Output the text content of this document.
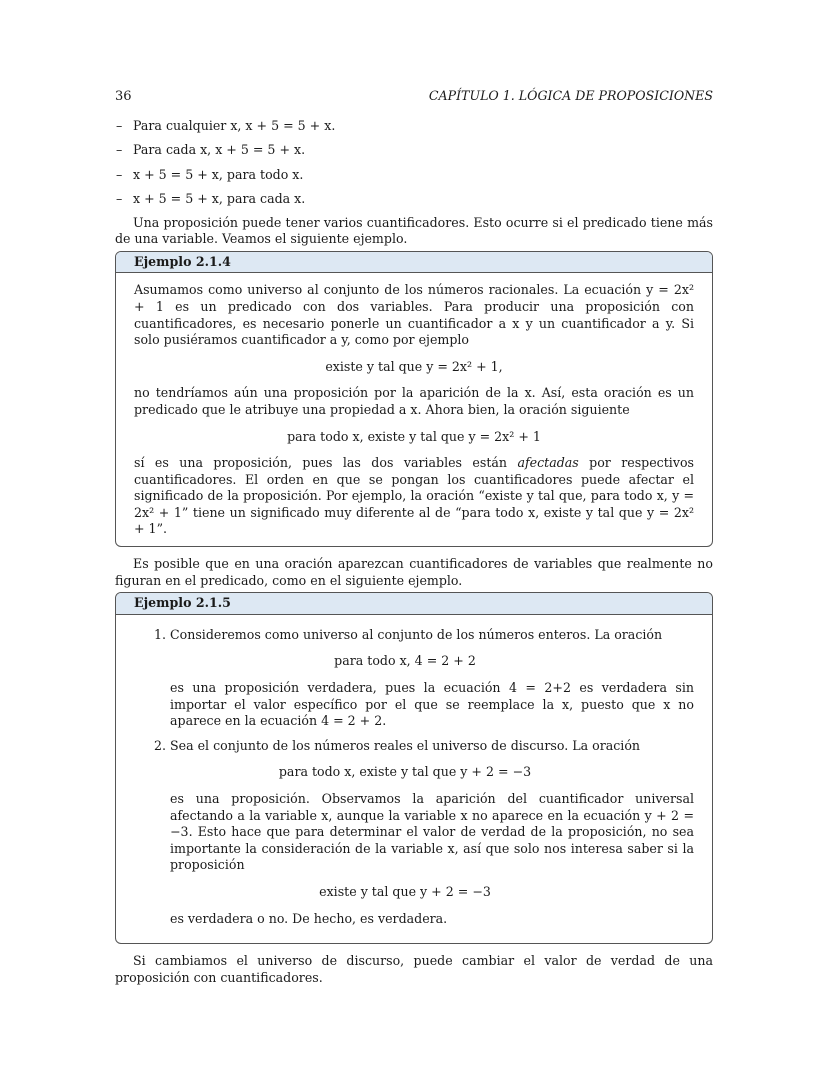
36	CAPÍTULO 1. LÓGICA DE PROPOSICIONES
– Para cualquier x, x + 5 = 5 + x.
– Para cada x, x + 5 = 5 + x.
– x + 5 = 5 + x, para todo x.
– x + 5 = 5 + x, para cada x.

Una proposición puede tener varios cuantificadores. Esto ocurre si el predicado tiene más de una variable. Veamos el siguiente ejemplo.

Ejemplo 2.1.4

Asumamos como universo al conjunto de los números racionales. La ecuación y = 2x² + 1 es un predicado con dos variables. Para producir una proposición con cuantificadores, es necesario ponerle un cuantificador a x y un cuantificador a y. Si solo pusiéramos cuantificador a y, como por ejemplo

existe y tal que y = 2x² + 1,

no tendríamos aún una proposición por la aparición de la x. Así, esta oración es un predicado que le atribuye una propiedad a x. Ahora bien, la oración siguiente

para todo x, existe y tal que y = 2x² + 1

sí es una proposición, pues las dos variables están afectadas por respectivos cuantificadores. El orden en que se pongan los cuantificadores puede afectar el significado de la proposición. Por ejemplo, la oración “existe y tal que, para todo x, y = 2x² + 1” tiene un significado muy diferente al de “para todo x, existe y tal que y = 2x² + 1”.

Es posible que en una oración aparezcan cuantificadores de variables que realmente no figuran en el predicado, como en el siguiente ejemplo.

Ejemplo 2.1.5

1. Consideremos como universo al conjunto de los números enteros. La oración

para todo x, 4 = 2 + 2

es una proposición verdadera, pues la ecuación 4 = 2+2 es verdadera sin importar el valor específico por el que se reemplace la x, puesto que x no aparece en la ecuación 4 = 2 + 2.

2. Sea el conjunto de los números reales el universo de discurso. La oración

para todo x, existe y tal que y + 2 = −3

es una proposición. Observamos la aparición del cuantificador universal afectando a la variable x, aunque la variable x no aparece en la ecuación y + 2 = −3. Esto hace que para determinar el valor de verdad de la proposición, no sea importante la consideración de la variable x, así que solo nos interesa saber si la proposición

existe y tal que y + 2 = −3

es verdadera o no. De hecho, es verdadera.

Si cambiamos el universo de discurso, puede cambiar el valor de verdad de una proposición con cuantificadores.
